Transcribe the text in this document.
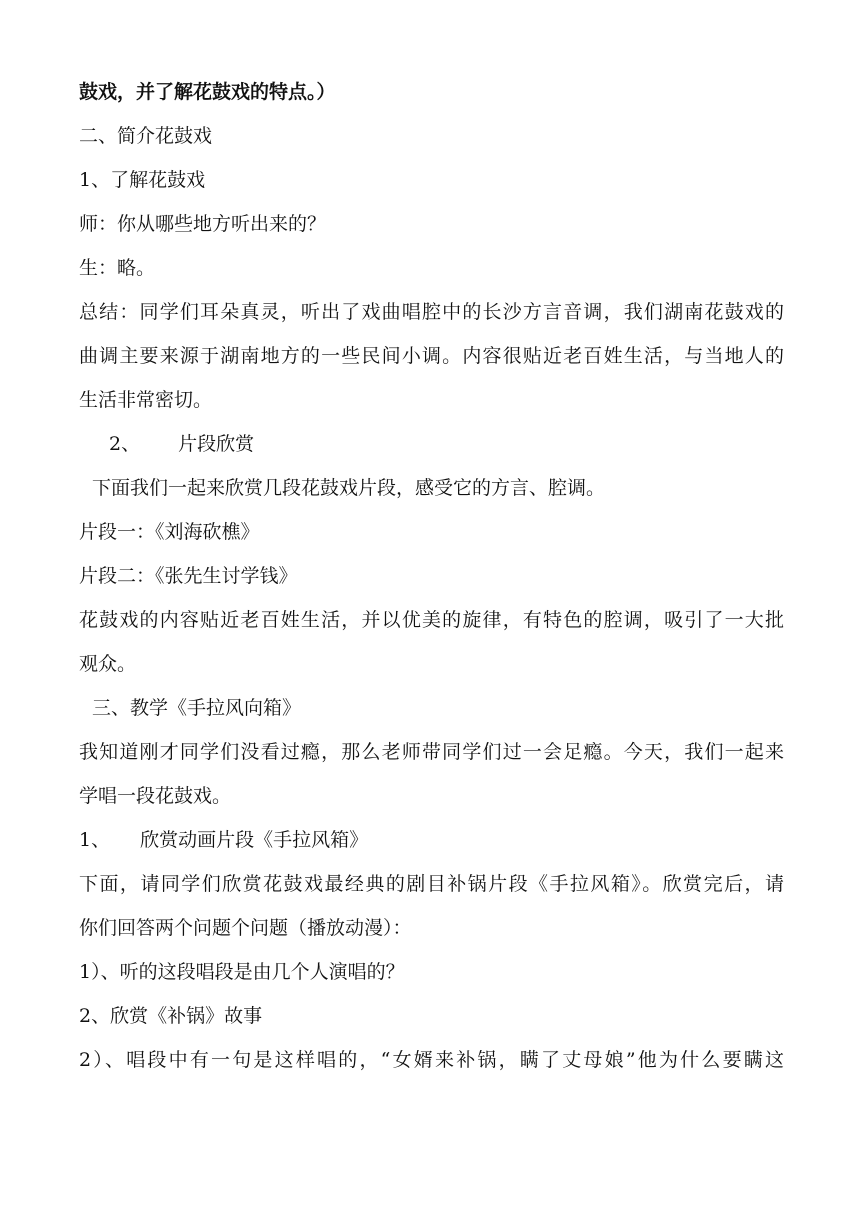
鼓戏，并了解花鼓戏的特点。）
二、简介花鼓戏
1、了解花鼓戏
师：你从哪些地方听出来的？
生：略。
总结：同学们耳朵真灵，听出了戏曲唱腔中的长沙方言音调，我们湖南花鼓戏的
曲调主要来源于湖南地方的一些民间小调。内容很贴近老百姓生活，与当地人的
生活非常密切。
2、 片段欣赏
下面我们一起来欣赏几段花鼓戏片段，感受它的方言、腔调。
片段一：《刘海砍樵》
片段二：《张先生讨学钱》
花鼓戏的内容贴近老百姓生活，并以优美的旋律，有特色的腔调，吸引了一大批
观众。
三、教学《手拉风向箱》
我知道刚才同学们没看过瘾，那么老师带同学们过一会足瘾。今天，我们一起来
学唱一段花鼓戏。
1、 欣赏动画片段《手拉风箱》
下面，请同学们欣赏花鼓戏最经典的剧目补锅片段《手拉风箱》。欣赏完后，请
你们回答两个问题个问题（播放动漫）：
1）、听的这段唱段是由几个人演唱的？
2、欣赏《补锅》故事
2）、唱段中有一句是这样唱的，“女婿来补锅，瞒了丈母娘”他为什么要瞒这
